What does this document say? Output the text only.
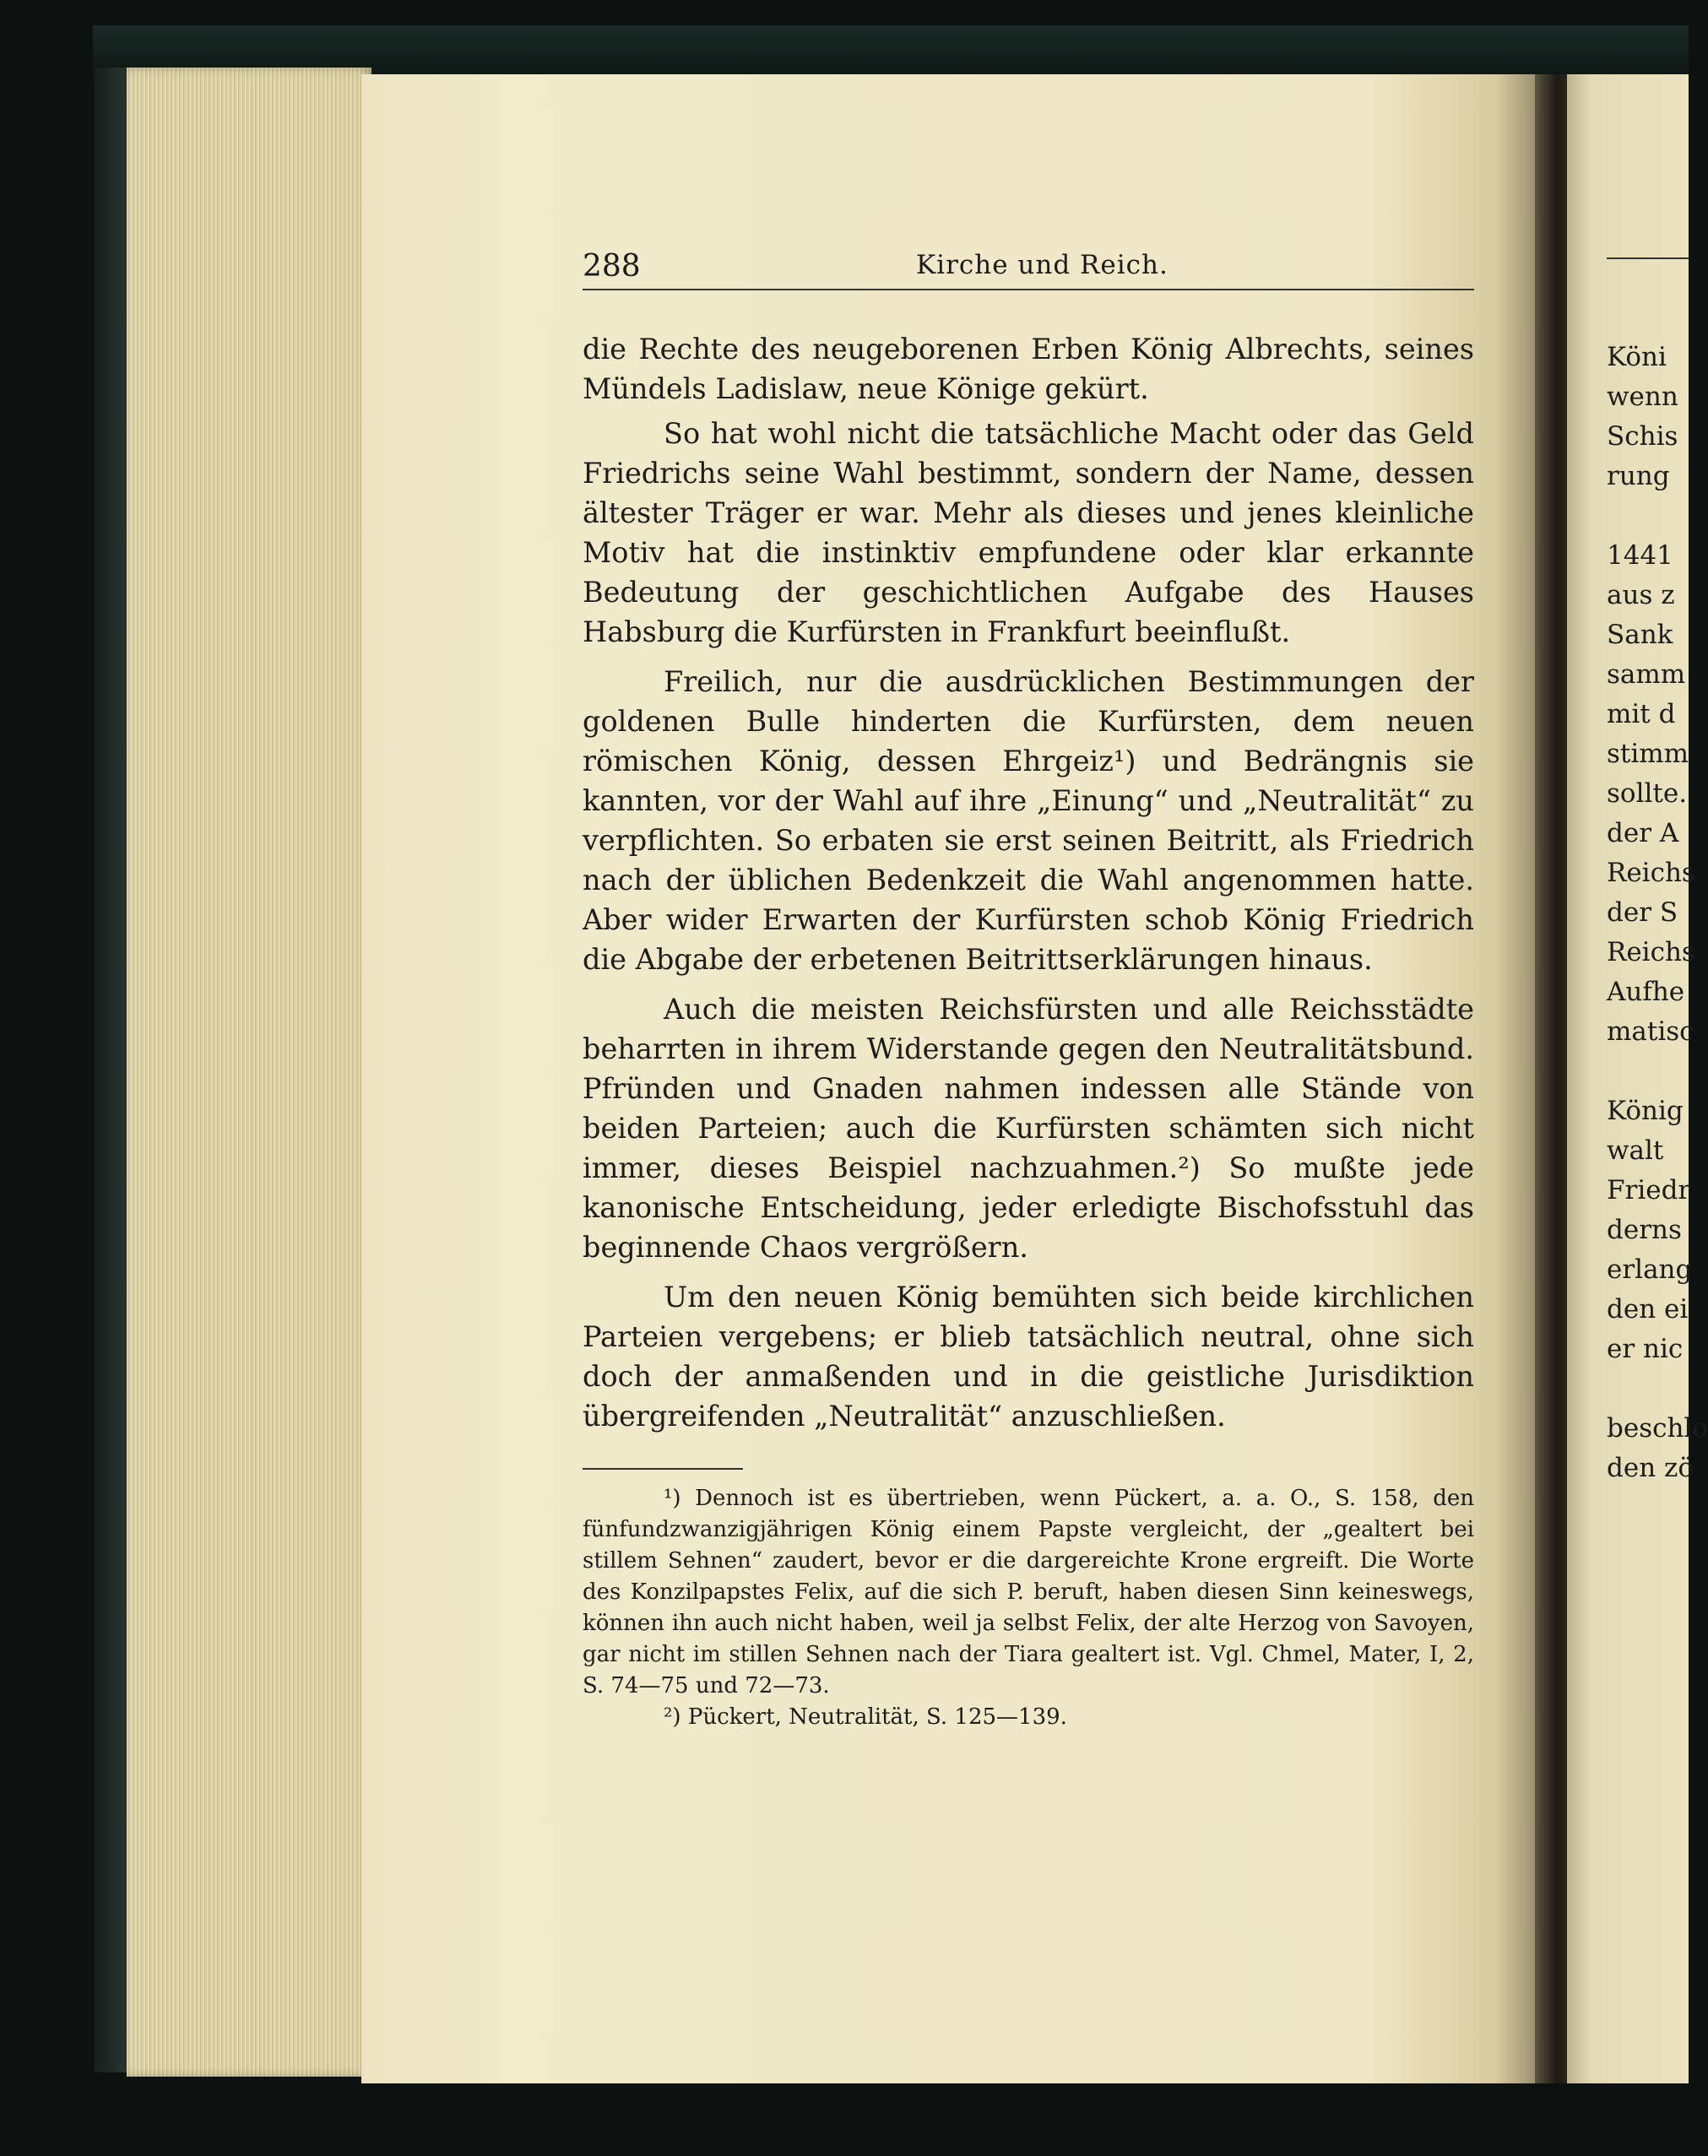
288	Kirche und Reich.

die Rechte des neugeborenen Erben König Albrechts, seines Mündels Ladislaw, neue Könige gekürt.

So hat wohl nicht die tatsächliche Macht oder das Geld Friedrichs seine Wahl bestimmt, sondern der Name, dessen ältester Träger er war. Mehr als dieses und jenes kleinliche Motiv hat die instinktiv empfundene oder klar erkannte Bedeutung der geschichtlichen Aufgabe des Hauses Habsburg die Kurfürsten in Frankfurt beeinflußt.

Freilich, nur die ausdrücklichen Bestimmungen der goldenen Bulle hinderten die Kurfürsten, dem neuen römischen König, dessen Ehrgeiz¹) und Bedrängnis sie kannten, vor der Wahl auf ihre „Einung“ und „Neutralität“ zu verpflichten. So erbaten sie erst seinen Beitritt, als Friedrich nach der üblichen Bedenkzeit die Wahl angenommen hatte. Aber wider Erwarten der Kurfürsten schob König Friedrich die Abgabe der erbetenen Beitrittserklärungen hinaus.

Auch die meisten Reichsfürsten und alle Reichsstädte beharrten in ihrem Widerstande gegen den Neutralitätsbund. Pfründen und Gnaden nahmen indessen alle Stände von beiden Parteien; auch die Kurfürsten schämten sich nicht immer, dieses Beispiel nachzuahmen.²) So mußte jede kanonische Entscheidung, jeder erledigte Bischofsstuhl das beginnende Chaos vergrößern.

Um den neuen König bemühten sich beide kirchlichen Parteien vergebens; er blieb tatsächlich neutral, ohne sich doch der anmaßenden und in die geistliche Jurisdiktion übergreifenden „Neutralität“ anzuschließen.

¹) Dennoch ist es übertrieben, wenn Pückert, a. a. O., S. 158, den fünfundzwanzigjährigen König einem Papste vergleicht, der „gealtert bei stillem Sehnen“ zaudert, bevor er die dargereichte Krone ergreift. Die Worte des Konzilpapstes Felix, auf die sich P. beruft, haben diesen Sinn keineswegs, können ihn auch nicht haben, weil ja selbst Felix, der alte Herzog von Savoyen, gar nicht im stillen Sehnen nach der Tiara gealtert ist. Vgl. Chmel, Mater, I, 2, S. 74—75 und 72—73.

²) Pückert, Neutralität, S. 125—139.

Köni
wenn
Schis
rung
1441
aus z
Sank
samm
mit d
stimm
sollte.
der A
Reichs
der S
Reichs
Aufhe
matisc
König
walt
Friedr
derns
erlang
den ei
er nic
beschlo
den zö
